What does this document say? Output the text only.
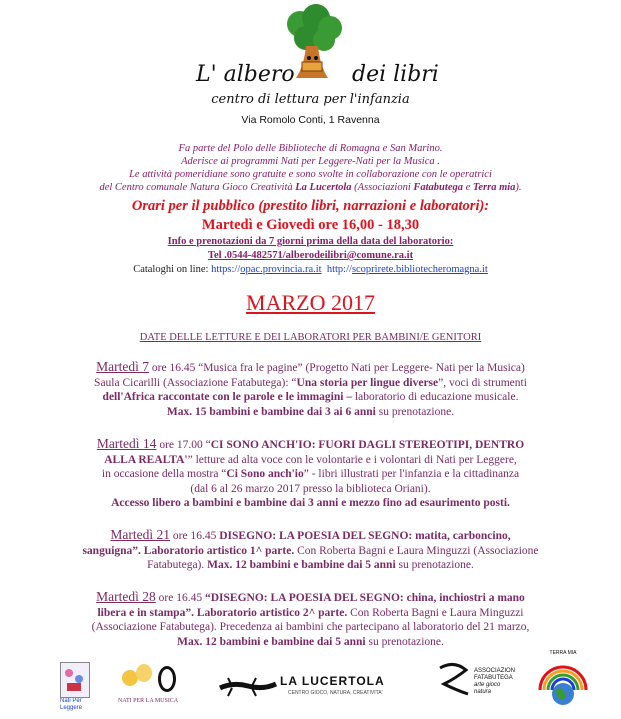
L' albero	dei libri
centro di lettura per l'infanzia
Via Romolo Conti, 1 Ravenna
Fa parte del Polo delle Biblioteche di Romagna e San Marino.
Aderisce ai programmi Nati per Leggere-Nati per la Musica .
Le attività pomeridiane sono gratuite e sono svolte in collaborazione con le operatrici
del Centro comunale Natura Gioco Creatività La Lucertola (Associazioni Fatabutega e Terra mia).
Orari per il pubblico (prestito libri, narrazioni e laboratori):
Martedì e Giovedì ore 16,00 - 18,30
Info e prenotazioni da 7 giorni prima della data del laboratorio:
Tel .0544-482571/alberodeilibri@comune.ra.it
Cataloghi on line: https://opac.provincia.ra.it http://scoprirete.bibliotecheromagna.it
MARZO 2017
DATE DELLE LETTURE E DEI LABORATORI PER BAMBINI/E GENITORI
Martedì 7 ore 16.45 “Musica fra le pagine” (Progetto Nati per Leggere- Nati per la Musica)
Saula Cicarilli (Associazione Fatabutega): “Una storia per lingue diverse”, voci di strumenti
dell'Africa raccontate con le parole e le immagini – laboratorio di educazione musicale.
Max. 15 bambini e bambine dai 3 ai 6 anni su prenotazione.
Martedì 14 ore 17.00 “CI SONO ANCH'IO: FUORI DAGLI STEREOTIPI, DENTRO
ALLA REALTA'” letture ad alta voce con le volontarie e i volontari di Nati per Leggere,
in occasione della mostra “Ci Sono anch'io” - libri illustrati per l'infanzia e la cittadinanza
(dal 6 al 26 marzo 2017 presso la biblioteca Oriani).
Accesso libero a bambini e bambine dai 3 anni e mezzo fino ad esaurimento posti.
Martedì 21 ore 16.45 DISEGNO: LA POESIA DEL SEGNO: matita, carboncino,
sanguigna”. Laboratorio artistico 1^ parte. Con Roberta Bagni e Laura Minguzzi (Associazione
Fatabutega). Max. 12 bambini e bambine dai 5 anni su prenotazione.
Martedì 28 ore 16.45 “DISEGNO: LA POESIA DEL SEGNO: china, inchiostri a mano
libera e in stampa”. Laboratorio artistico 2^ parte. Con Roberta Bagni e Laura Minguzzi
(Associazione Fatabutega). Precedenza ai bambini che partecipano al laboratorio del 21 marzo,
Max. 12 bambini e bambine dai 5 anni su prenotazione.
Nati Per Leggere
NATI PER LA MUSICA
LA LUCERTOLA
CENTRO GIOCO, NATURA, CREATIVITA'
ASSOCIAZION
FATABUTEGA
arte gioco natura
TERRA MIA
